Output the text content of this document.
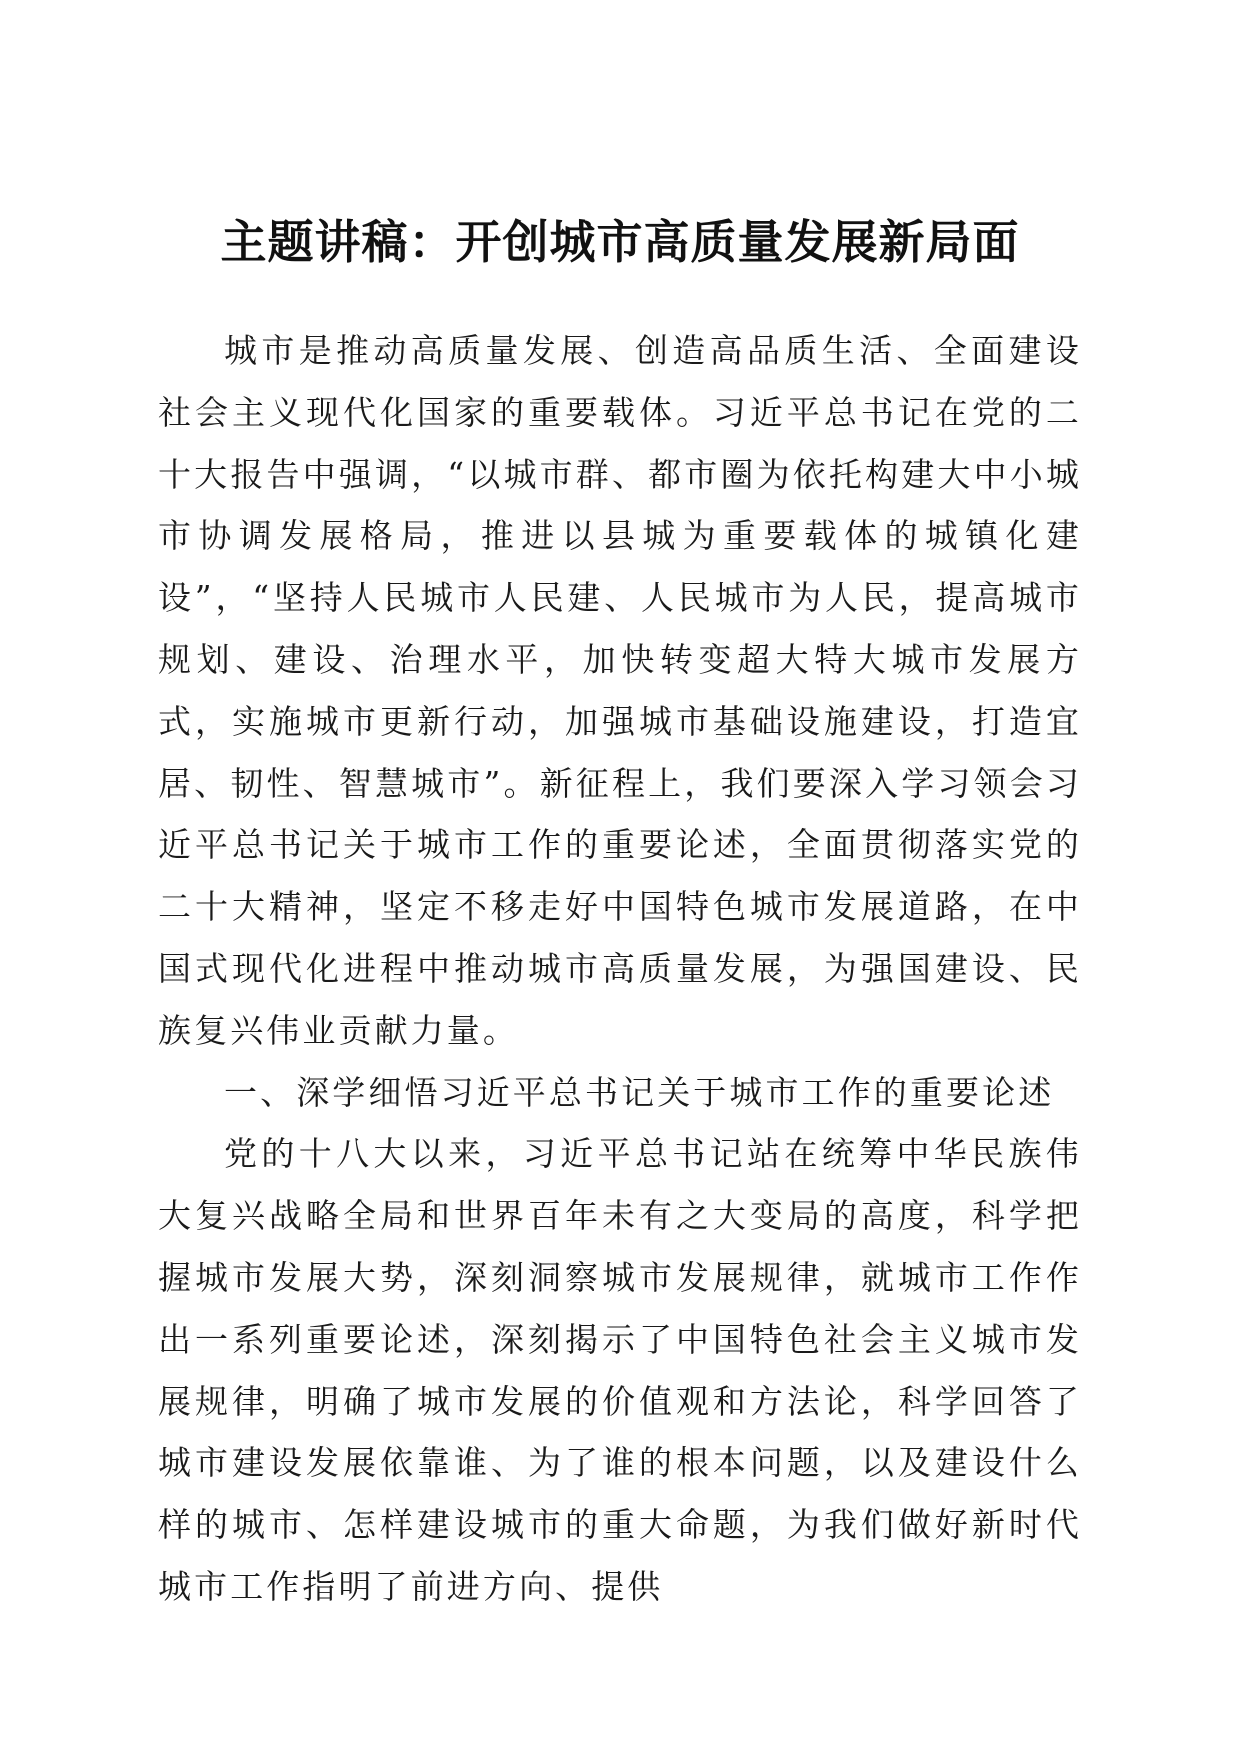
主题讲稿：开创城市高质量发展新局面

城市是推动高质量发展、创造高品质生活、全面建设社会主义现代化国家的重要载体。习近平总书记在党的二十大报告中强调，“以城市群、都市圈为依托构建大中小城市协调发展格局，推进以县城为重要载体的城镇化建设”，“坚持人民城市人民建、人民城市为人民，提高城市规划、建设、治理水平，加快转变超大特大城市发展方式，实施城市更新行动，加强城市基础设施建设，打造宜居、韧性、智慧城市”。新征程上，我们要深入学习领会习近平总书记关于城市工作的重要论述，全面贯彻落实党的二十大精神，坚定不移走好中国特色城市发展道路，在中国式现代化进程中推动城市高质量发展，为强国建设、民族复兴伟业贡献力量。

一、深学细悟习近平总书记关于城市工作的重要论述

党的十八大以来，习近平总书记站在统筹中华民族伟大复兴战略全局和世界百年未有之大变局的高度，科学把握城市发展大势，深刻洞察城市发展规律，就城市工作作出一系列重要论述，深刻揭示了中国特色社会主义城市发展规律，明确了城市发展的价值观和方法论，科学回答了城市建设发展依靠谁、为了谁的根本问题，以及建设什么样的城市、怎样建设城市的重大命题，为我们做好新时代城市工作指明了前进方向、提供
